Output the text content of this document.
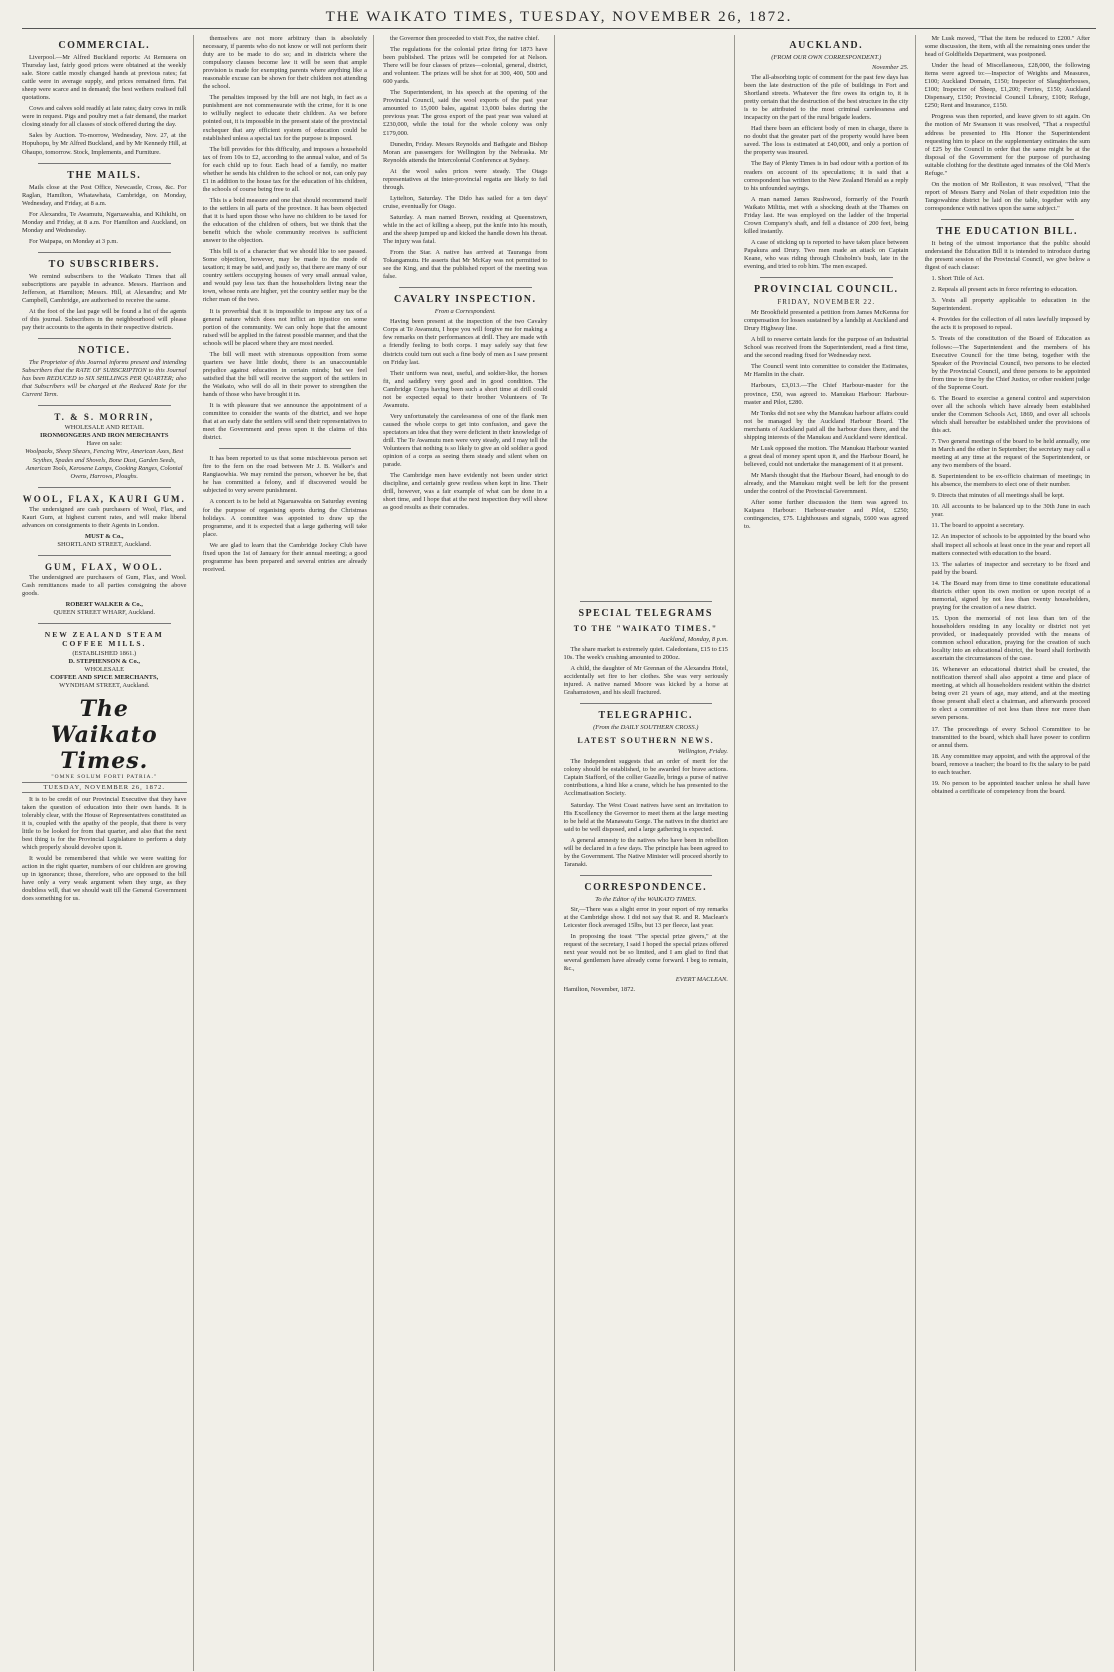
THE WAIKATO TIMES, TUESDAY, NOVEMBER 26, 1872.
COMMERCIAL.

Liverpool.—Mr Alfred Buckland reports: At Remuera on Thursday last, fairly good prices were obtained at the weekly sale. Store cattle mostly changed hands at previous rates; fat cattle were in average supply, and prices remained firm. Fat sheep were scarce and in demand; the best wethers realised full quotations.

Cows and calves sold readily at late rates; dairy cows in milk were in request. Pigs and poultry met a fair demand, the market closing steady for all classes of stock offered during the day.

Sales by Auction. To-morrow, Wednesday, Nov. 27, at the Hopuhopu, by Mr Alfred Buckland, and by Mr Kennedy Hill, at Ohaupo, tomorrow. Stock, Implements, and Furniture.

THE MAILS.

Mails close at the Post Office, Newcastle, Cross, &c. For Raglan, Hamilton, Whatawhata, Cambridge, on Monday, Wednesday, and Friday, at 8 a.m.

For Alexandra, Te Awamutu, Ngaruawahia, and Kihikihi, on Monday and Friday, at 8 a.m. For Hamilton and Auckland, on Monday and Wednesday.

For Waipapa, on Monday at 3 p.m.

TO SUBSCRIBERS.

We remind subscribers to the Waikato Times that all subscriptions are payable in advance. Messrs. Harrison and Jefferson, at Hamilton; Messrs. Hill, at Alexandra; and Mr Campbell, Cambridge, are authorised to receive the same.

At the foot of the last page will be found a list of the agents of this journal. Subscribers in the neighbourhood will please pay their accounts to the agents in their respective districts.

NOTICE.

The Proprietor of this Journal informs present and intending Subscribers that the RATE OF SUBSCRIPTION to this Journal has been REDUCED to SIX SHILLINGS PER QUARTER; also that Subscribers will be charged at the Reduced Rate for the Current Term.

T. & S. MORRIN,
WHOLESALE AND RETAIL
IRONMONGERS AND IRON MERCHANTS
Have on sale:

Woolpacks, Sheep Shears, Fencing Wire, American Axes, Best Scythes, Spades and Shovels, Bone Dust, Garden Seeds, American Tools, Kerosene Lamps, Cooking Ranges, Colonial Ovens, Harrows, Ploughs.

WOOL, FLAX, KAURI GUM.

The undersigned are cash purchasers of Wool, Flax, and Kauri Gum, at highest current rates, and will make liberal advances on consignments to their Agents in London.

MUST & Co.,
SHORTLAND STREET, Auckland.
GUM, FLAX, WOOL.

The undersigned are purchasers of Gum, Flax, and Wool. Cash remittances made to all parties consigning the above goods.

ROBERT WALKER & Co.,
QUEEN STREET WHARF, Auckland.
NEW ZEALAND STEAM COFFEE MILLS.
(ESTABLISHED 1861.)
D. STEPHENSON & Co.,
WHOLESALE
COFFEE AND SPICE MERCHANTS,
WYNDHAM STREET, Auckland.
The Waikato Times.
"OMNE SOLUM FORTI PATRIA."
TUESDAY, NOVEMBER 26, 1872.

It is to be credit of our Provincial Executive that they have taken the question of education into their own hands. It is tolerably clear, with the House of Representatives constituted as it is, coupled with the apathy of the people, that there is very little to be looked for from that quarter, and also that the next best thing is for the Provincial Legislature to perform a duty which properly should devolve upon it.

It would be remembered that while we were waiting for action in the right quarter, numbers of our children are growing up in ignorance; those, therefore, who are opposed to the bill have only a very weak argument when they urge, as they doubtless will, that we should wait till the General Government does something for us.

themselves are not more arbitrary than is absolutely necessary, if parents who do not know or will not perform their duty are to be made to do so; and in districts where the compulsory clauses become law it will be seen that ample provision is made for exempting parents where anything like a reasonable excuse can be shown for their children not attending the school.

The penalties imposed by the bill are not high, in fact as a punishment are not commensurate with the crime, for it is one to wilfully neglect to educate their children. As we before pointed out, it is impossible in the present state of the provincial exchequer that any efficient system of education could be established unless a special tax for the purpose is imposed.

The bill provides for this difficulty, and imposes a household tax of from 10s to £2, according to the annual value, and of 5s for each child up to four. Each head of a family, no matter whether he sends his children to the school or not, can only pay £1 in addition to the house tax for the education of his children, the schools of course being free to all.

This is a bold measure and one that should recommend itself to the settlers in all parts of the province. It has been objected that it is hard upon those who have no children to be taxed for the education of the children of others, but we think that the benefit which the whole community receives is sufficient answer to the objection.

This bill is of a character that we should like to see passed. Some objection, however, may be made to the mode of taxation; it may be said, and justly so, that there are many of our country settlers occupying houses of very small annual value, and would pay less tax than the householders living near the town, whose rents are higher, yet the country settler may be the richer man of the two.

It is proverbial that it is impossible to impose any tax of a general nature which does not inflict an injustice on some portion of the community. We can only hope that the amount raised will be applied in the fairest possible manner, and that the schools will be placed where they are most needed.

The bill will meet with strenuous opposition from some quarters we have little doubt, there is an unaccountable prejudice against education in certain minds; but we feel satisfied that the bill will receive the support of the settlers in the Waikato, who will do all in their power to strengthen the hands of those who have brought it in.

It is with pleasure that we announce the appointment of a committee to consider the wants of the district, and we hope that at an early date the settlers will send their representatives to meet the Government and press upon it the claims of this district.

It has been reported to us that some mischievous person set fire to the fern on the road between Mr J. B. Walker's and Rangiaowhia. We may remind the person, whoever he be, that he has committed a felony, and if discovered would be subjected to very severe punishment.

A concert is to be held at Ngaruawahia on Saturday evening for the purpose of organising sports during the Christmas holidays. A committee was appointed to draw up the programme, and it is expected that a large gathering will take place.

We are glad to learn that the Cambridge Jockey Club have fixed upon the 1st of January for their annual meeting; a good programme has been prepared and several entries are already received.

the Governor then proceeded to visit Fox, the native chief.

The regulations for the colonial prize firing for 1873 have been published. The prizes will be competed for at Nelson. There will be four classes of prizes—colonial, general, district, and volunteer. The prizes will be shot for at 300, 400, 500 and 600 yards.

The Superintendent, in his speech at the opening of the Provincial Council, said the wool exports of the past year amounted to 15,000 bales, against 13,000 bales during the previous year. The gross export of the past year was valued at £230,000, while the total for the whole colony was only £179,000.

Dunedin, Friday. Messrs Reynolds and Bathgate and Bishop Moran are passengers for Wellington by the Nebraska. Mr Reynolds attends the Intercolonial Conference at Sydney.

At the wool sales prices were steady. The Otago representatives at the inter-provincial regatta are likely to fail through.

Lyttelton, Saturday. The Dido has sailed for a ten days' cruise, eventually for Otago.

Saturday. A man named Brown, residing at Queenstown, while in the act of killing a sheep, put the knife into his mouth, and the sheep jumped up and kicked the handle down his throat. The injury was fatal.

From the Star. A native has arrived at Tauranga from Tokangamutu. He asserts that Mr McKay was not permitted to see the King, and that the published report of the meeting was false.

CAVALRY INSPECTION.
From a Correspondent.

Having been present at the inspection of the two Cavalry Corps at Te Awamutu, I hope you will forgive me for making a few remarks on their performances at drill. They are made with a friendly feeling to both corps. I may safely say that few districts could turn out such a fine body of men as I saw present on Friday last.

Their uniform was neat, useful, and soldier-like, the horses fit, and saddlery very good and in good condition. The Cambridge Corps having been such a short time at drill could not be expected equal to their brother Volunteers of Te Awamutu.

Very unfortunately the carelessness of one of the flank men caused the whole corps to get into confusion, and gave the spectators an idea that they were deficient in their knowledge of drill. The Te Awamutu men were very steady, and I may tell the Volunteers that nothing is so likely to give an old soldier a good opinion of a corps as seeing them steady and silent when on parade.

The Cambridge men have evidently not been under strict discipline, and certainly grew restless when kept in line. Their drill, however, was a fair example of what can be done in a short time, and I hope that at the next inspection they will show as good results as their comrades.

SPECIAL TELEGRAMS
TO THE "WAIKATO TIMES."
Auckland, Monday, 8 p.m.

The share market is extremely quiet. Caledonians, £15 to £15 10s. The week's crushing amounted to 200oz.

A child, the daughter of Mr Grennan of the Alexandra Hotel, accidentally set fire to her clothes. She was very seriously injured. A native named Moore was kicked by a horse at Grahamstown, and his skull fractured.

TELEGRAPHIC.
(From the DAILY SOUTHERN CROSS.)
LATEST SOUTHERN NEWS.
Wellington, Friday.

The Independent suggests that an order of merit for the colony should be established, to be awarded for brave actions. Captain Stafford, of the collier Gazelle, brings a purse of native contributions, a hind like a crane, which he has presented to the Acclimatisation Society.

Saturday. The West Coast natives have sent an invitation to His Excellency the Governor to meet them at the large meeting to be held at the Manawatu Gorge. The natives in the district are said to be well disposed, and a large gathering is expected.

A general amnesty to the natives who have been in rebellion will be declared in a few days. The principle has been agreed to by the Government. The Native Minister will proceed shortly to Taranaki.

CORRESPONDENCE.
To the Editor of the WAIKATO TIMES.

Sir,—There was a slight error in your report of my remarks at the Cambridge show. I did not say that R. and R. Maclean's Leicester flock averaged 15lbs, but 13 per fleece, last year.

In proposing the toast "The special prize givers," at the request of the secretary, I said I hoped the special prizes offered next year would not be so limited, and I am glad to find that several gentlemen have already come forward. I beg to remain, &c.,

EVERT MACLEAN.

Hamilton, November, 1872.

AUCKLAND.
(FROM OUR OWN CORRESPONDENT.)
November 25.

The all-absorbing topic of comment for the past few days has been the late destruction of the pile of buildings in Fort and Shortland streets. Whatever the fire owes its origin to, it is pretty certain that the destruction of the best structure in the city is to be attributed to the most criminal carelessness and incapacity on the part of the rural brigade leaders.

Had there been an efficient body of men in charge, there is no doubt that the greater part of the property would have been saved. The loss is estimated at £40,000, and only a portion of the property was insured.

The Bay of Plenty Times is in bad odour with a portion of its readers on account of its speculations; it is said that a correspondent has written to the New Zealand Herald as a reply to his unfounded sayings.

A man named James Rushwood, formerly of the Fourth Waikato Militia, met with a shocking death at the Thames on Friday last. He was employed on the ladder of the Imperial Crown Company's shaft, and fell a distance of 200 feet, being killed instantly.

A case of sticking up is reported to have taken place between Papakura and Drury. Two men made an attack on Captain Keane, who was riding through Chisholm's bush, late in the evening, and tried to rob him. The men escaped.

PROVINCIAL COUNCIL.
FRIDAY, NOVEMBER 22.

Mr Brookfield presented a petition from James McKenna for compensation for losses sustained by a landslip at Auckland and Drury Highway line.

A bill to reserve certain lands for the purpose of an Industrial School was received from the Superintendent, read a first time, and the second reading fixed for Wednesday next.

The Council went into committee to consider the Estimates, Mr Hamlin in the chair.

Harbours, £3,013.—The Chief Harbour-master for the province, £50, was agreed to. Manukau Harbour: Harbour-master and Pilot, £280.

Mr Tonks did not see why the Manukau harbour affairs could not be managed by the Auckland Harbour Board. The merchants of Auckland paid all the harbour dues there, and the shipping interests of the Manukau and Auckland were identical.

Mr Lusk opposed the motion. The Manukau Harbour wanted a great deal of money spent upon it, and the Harbour Board, he believed, could not undertake the management of it at present.

Mr Marsh thought that the Harbour Board, had enough to do already, and the Manukau might well be left for the present under the control of the Provincial Government.

After some further discussion the item was agreed to. Kaipara Harbour: Harbour-master and Pilot, £250; contingencies, £75. Lighthouses and signals, £600 was agreed to.

Mr Lusk moved, "That the item be reduced to £200." After some discussion, the item, with all the remaining ones under the head of Goldfields Department, was postponed.

Under the head of Miscellaneous, £28,000, the following items were agreed to:—Inspector of Weights and Measures, £100; Auckland Domain, £150; Inspector of Slaughterhouses, £100; Inspector of Sheep, £1,200; Ferries, £150; Auckland Dispensary, £150; Provincial Council Library, £100; Refuge, £250; Rent and Insurance, £150.

Progress was then reported, and leave given to sit again. On the motion of Mr Swanson it was resolved, "That a respectful address be presented to His Honor the Superintendent requesting him to place on the supplementary estimates the sum of £25 by the Council in order that the same might be at the disposal of the Government for the purpose of purchasing suitable clothing for the destitute aged inmates of the Old Men's Refuge."

On the motion of Mr Rolleston, it was resolved, "That the report of Messrs Barry and Nolan of their expedition into the Tangowahine district be laid on the table, together with any correspondence with natives upon the same subject."

THE EDUCATION BILL.

It being of the utmost importance that the public should understand the Education Bill it is intended to introduce during the present session of the Provincial Council, we give below a digest of each clause:

1. Short Title of Act.

2. Repeals all present acts in force referring to education.

3. Vests all property applicable to education in the Superintendent.

4. Provides for the collection of all rates lawfully imposed by the acts it is proposed to repeal.

5. Treats of the constitution of the Board of Education as follows:—The Superintendent and the members of his Executive Council for the time being, together with the Speaker of the Provincial Council, two persons to be elected by the Provincial Council, and three persons to be appointed from time to time by the Chief Justice, or other resident judge of the Supreme Court.

6. The Board to exercise a general control and supervision over all the schools which have already been established under the Common Schools Act, 1869, and over all schools which shall hereafter be established under the provisions of this act.

7. Two general meetings of the board to be held annually, one in March and the other in September; the secretary may call a meeting at any time at the request of the Superintendent, or any two members of the board.

8. Superintendent to be ex-officio chairman of meetings; in his absence, the members to elect one of their number.

9. Directs that minutes of all meetings shall be kept.

10. All accounts to be balanced up to the 30th June in each year.

11. The board to appoint a secretary.

12. An inspector of schools to be appointed by the board who shall inspect all schools at least once in the year and report all matters connected with education to the board.

13. The salaries of inspector and secretary to be fixed and paid by the board.

14. The Board may from time to time constitute educational districts either upon its own motion or upon receipt of a memorial, signed by not less than twenty householders, praying for the creation of a new district.

15. Upon the memorial of not less than ten of the householders residing in any locality or district not yet provided, or inadequately provided with the means of common school education, praying for the creation of such locality into an educational district, the board shall forthwith ascertain the circumstances of the case.

16. Whenever an educational district shall be created, the notification thereof shall also appoint a time and place of meeting, at which all householders resident within the district being over 21 years of age, may attend, and at the meeting those present shall elect a chairman, and afterwards proceed to elect a committee of not less than three nor more than seven persons.

17. The proceedings of every School Committee to be transmitted to the board, which shall have power to confirm or annul them.

18. Any committee may appoint, and with the approval of the board, remove a teacher; the board to fix the salary to be paid to each teacher.

19. No person to be appointed teacher unless he shall have obtained a certificate of competency from the board.
